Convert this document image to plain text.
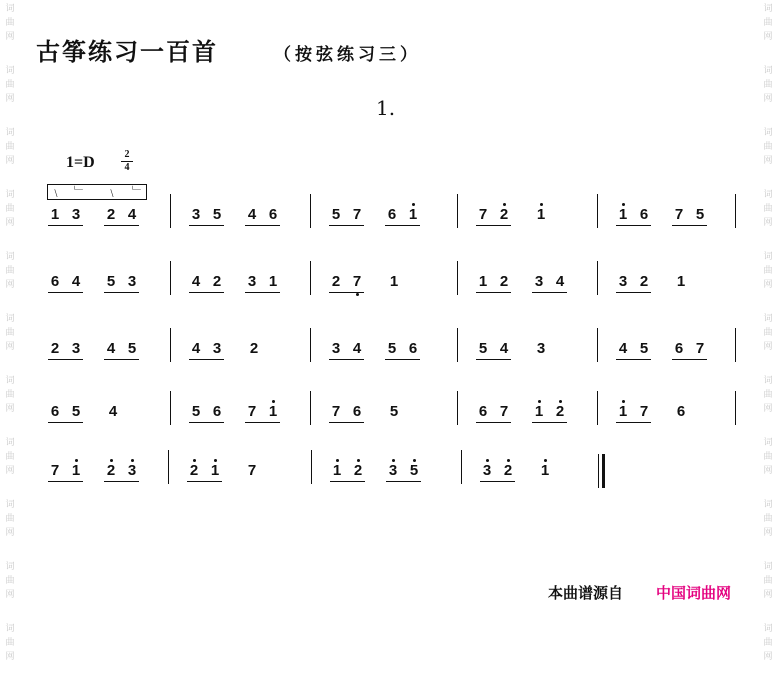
词
曲
网
词
曲
网
词
曲
网
词
曲
网
词
曲
网
词
曲
网
词
曲
网
词
曲
网
词
曲
网
词
曲
网
词
曲
网
词
曲
网
词
曲
网
词
曲
网
词
曲
网
词
曲
网
词
曲
网
词
曲
网
词
曲
网
词
曲
网
词
曲
网
词
曲
网
古筝练习一百首	（按弦练习三）
1.
1=D	2
4
﹨ ﹂ ﹨ ﹂
1 3 2 4	3 5 4 6	5 7 6 1	7 2 1	1 6 7 5
6 4 5 3	4 2 3 1	2 7 1	1 2 3 4	3 2 1
2 3 4 5	4 3 2	3 4 5 6	5 4 3	4 5 6 7
6 5 4	5 6 7 1	7 6 5	6 7 1 2	1 7 6
7 1 2 3	2 1 7	1 2 3 5	3 2 1
本曲谱源自 中国词曲网
